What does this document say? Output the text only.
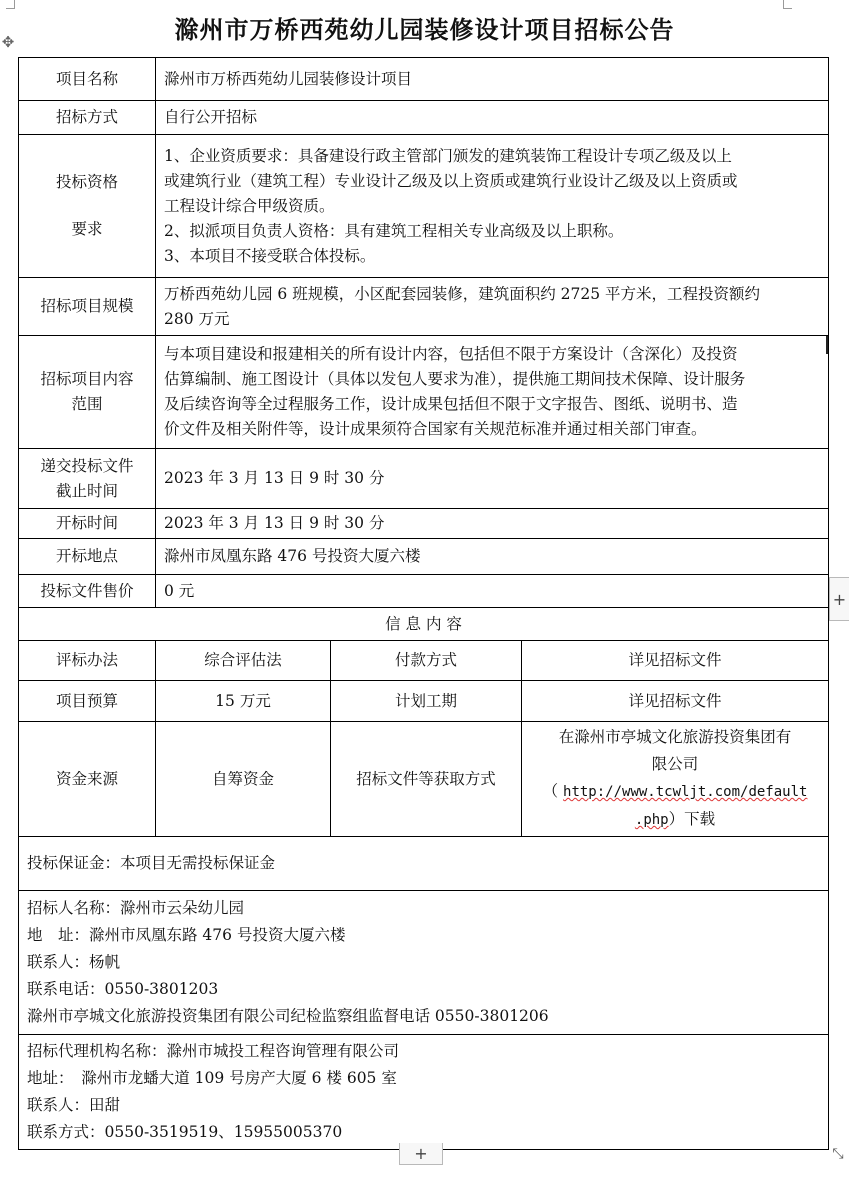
✥	滁州市万桥西苑幼儿园装修设计项目招标公告
项目名称	滁州市万桥西苑幼儿园装修设计项目		
招标方式	自行公开招标		

投标资格
要求	1、企业资质要求：具备建设行政主管部门颁发的建筑装饰工程设计专项乙级及以上
或建筑行业（建筑工程）专业设计乙级及以上资质或建筑行业设计乙级及以上资质或
工程设计综合甲级资质。
2、拟派项目负责人资格：具有建筑工程相关专业高级及以上职称。
3、本项目不接受联合体投标。		

招标项目规模	万桥西苑幼儿园 6 班规模，小区配套园装修，建筑面积约 2725 平方米，工程投资额约
280 万元		

招标项目内容
范围	与本项目建设和报建相关的所有设计内容，包括但不限于方案设计（含深化）及投资
估算编制、施工图设计（具体以发包人要求为准），提供施工期间技术保障、设计服务
及后续咨询等全过程服务工作，设计成果包括但不限于文字报告、图纸、说明书、造
价文件及相关附件等，设计成果须符合国家有关规范标准并通过相关部门审查。		

递交投标文件
截止时间	2023 年 3 月 13 日 9 时 30 分		
开标时间	2023 年 3 月 13 日 9 时 30 分		
开标地点	滁州市凤凰东路 476 号投资大厦六楼		
投标文件售价	0 元		
信 息 内 容			
评标办法	综合评估法	付款方式	详见招标文件
项目预算	15 万元	计划工期	详见招标文件
资金来源	自筹资金	招标文件等获取方式	在滁州市亭城文化旅游投资集团有
限公司
（ http://www.tcwljt.com/default
.php）下载

投标保证金：本项目无需投标保证金			

招标人名称：滁州市云朵幼儿园
地　址：滁州市凤凰东路 476 号投资大厦六楼
联系人：杨帆
联系电话：0550-3801203
滁州市亭城文化旅游投资集团有限公司纪检监察组监督电话 0550-3801206			

招标代理机构名称：滁州市城投工程咨询管理有限公司
地址：　滁州市龙蟠大道 109 号房产大厦 6 楼 605 室
联系人：田甜
联系方式：0550-3519519、15955005370			
+
+	⤡
